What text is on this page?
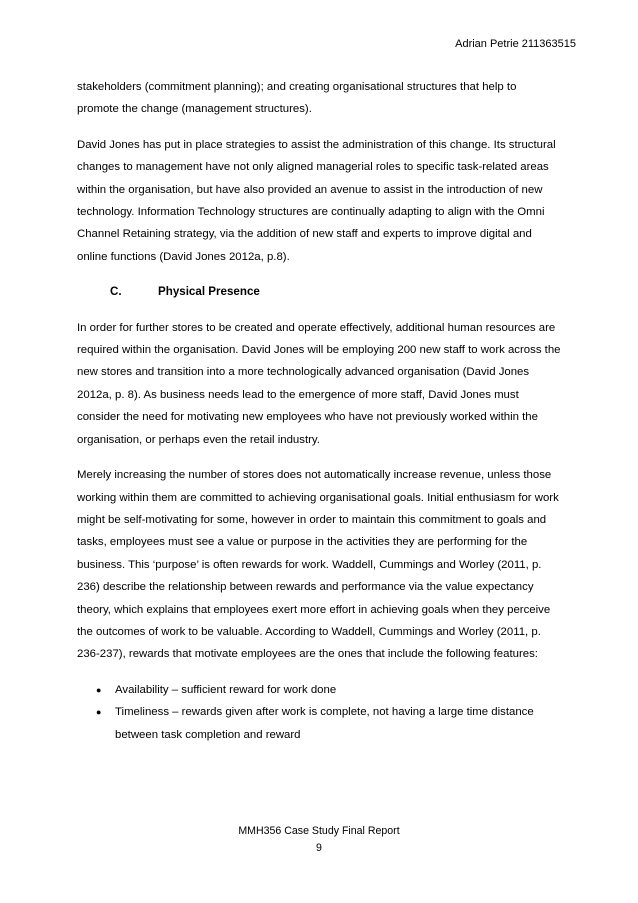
Adrian Petrie 211363515

stakeholders (commitment planning); and creating organisational structures that help to promote the change (management structures).

David Jones has put in place strategies to assist the administration of this change. Its structural changes to management have not only aligned managerial roles to specific task-related areas within the organisation, but have also provided an avenue to assist in the introduction of new technology. Information Technology structures are continually adapting to align with the Omni Channel Retaining strategy, via the addition of new staff and experts to improve digital and online functions (David Jones 2012a, p.8).

C.	Physical Presence

In order for further stores to be created and operate effectively, additional human resources are required within the organisation. David Jones will be employing 200 new staff to work across the new stores and transition into a more technologically advanced organisation (David Jones 2012a, p. 8). As business needs lead to the emergence of more staff, David Jones must consider the need for motivating new employees who have not previously worked within the organisation, or perhaps even the retail industry.

Merely increasing the number of stores does not automatically increase revenue, unless those working within them are committed to achieving organisational goals. Initial enthusiasm for work might be self-motivating for some, however in order to maintain this commitment to goals and tasks, employees must see a value or purpose in the activities they are performing for the business. This ‘purpose’ is often rewards for work. Waddell, Cummings and Worley (2011, p. 236) describe the relationship between rewards and performance via the value expectancy theory, which explains that employees exert more effort in achieving goals when they perceive the outcomes of work to be valuable. According to Waddell, Cummings and Worley (2011, p. 236-237), rewards that motivate employees are the ones that include the following features:

● Availability – sufficient reward for work done
● Timeliness – rewards given after work is complete, not having a large time distance between task completion and reward
MMH356 Case Study Final Report
9
